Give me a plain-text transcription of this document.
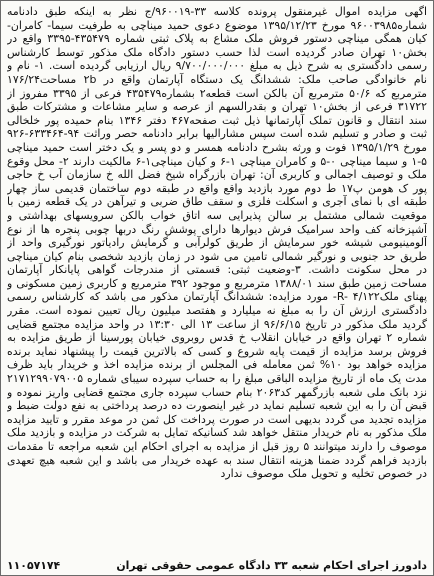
اگهی مزایده اموال غیرمنقول پرونده کلاسه ۳۳-۹۶۰۰۱۹/ج نظر به اینکه طبق دادنامه شماره۹۶۰۰۳۹۸۵ مورخ ۱۳۹۵/۱۲/۲۳ موضوع دعوی حمید میناچی به طرفیت سیما- کامران- کیان همگی میناچی دستور فروش ملک مشاع به پلاک ثبتی شماره ۴۳۵۴۷۹-۳۳۹۵ واقع در بخش۱۰ تهران صادر گردیده است لذا حسب دستور دادگاه ملک مذکور توسط کارشناس رسمی دادگستری به شرح ذیل به مبلغ ۹/۷۰۰/۰۰۰/۰۰۰ ریال ارزیابی گردیده است. ۱- نام و نام خانوادگی صاحب ملک: ششدانگ یک دستگاه آپارتمان واقع در ۲b مساحت۱۷۶/۲۴ مترمربع که ۵۰/۶ مترمربع آن بالکن است قطعه۲ بشماره۴۳۵۴۷۹ فرعی از ۳۳۹۵ مفروز از ۳۱۷۲۲ فرعی از بخش۱۰ تهران و بقدرالسهم از عرصه و سایر مشاعات و مشترکات طبق سند انتقال و قانون تملک آپارتمانها ذیل ثبت صفحه۴۶۷ دفتر ۱۳۴۶ بنام حمیده پور خلخالی ثبت و صادر و تسلیم شده است سپس مشارالیها برابر دادنامه حصر وراثت ۹۴-۶۳۳۴۶۴-۹۲۶ مورخ ۱۳۹۵/۱/۲۹ فوت و ورثه بشرح دادنامه همسر و دو پسر و یک دختر است حمید میناچی ۵-۱ و سیما میناچی ۰-۵ و کامران میناچی ۱-۶ و کیان میناچی۱-۶ مالکیت دارند ۲- محل وقوع ملک و توصیف اجمالی و کاربری آن: تهران بازرگراه شیخ فضل الله خ سازمان آب خ حاجی پور ک هومن پ۱۷ ط دوم مورد بازدید واقع واقع در طبقه دوم ساختمان قدیمی ساز چهار طبقه ای با نمای آجری و اسکلت فلزی و سقف طاق ضربی و تیرآهن در یک قطعه زمین با موقعیت شمالی مشتمل بر سالن پذیرایی سه اتاق خواب بالکن سرویسهای بهداشتی و آشپزخانه کف واحد سرامیک فرش دیوارها دارای پوشش رنگ دربها چوبی پنجره ها از نوع آلومینیومی شیشه خور سرمایش از طریق کولرآبی و گرمایش رادیاتور نورگیری واحد از طریق حد جنوبی و نورگیر شمالی تامین می شود در زمان بازدید شخصی بنام کیان میناچی در محل سکونت داشت. ۳-وضعیت ثبتی: قسمتی از مندرجات گواهی پایانکار آپارتمان مساحت زمین طبق سند ۱۳۸۸/۰۱ مترمربع و موجود ۳۹۲ مترمربع و کاربری زمین مسکونی و پهنای ملک۱۲۲/R- ۴- مورد مزایده: ششدانگ آپارتمان مذکور می باشد که کارشناس رسمی دادگستری ارزش آن را به مبلغ نه میلیارد و هفتصد میلیون ریال تعیین نموده است. مقرر گردید ملک مذکور در تاریخ ۹۶/۶/۱۵ از ساعت ۱۳ الی ۱۳:۳۰ در واحد مزایده مجتمع قضایی شماره ۲ تهران واقع در خیابان انقلاب خ قدس روبروی خیابان پورسینا از طریق مزایده به فروش برسد مزایده از قیمت پایه شروع و کسی که بالاترین قیمت را پیشنهاد نماید برنده مزایده خواهد بود ۱۰% ثمن معامله فی المجلس از برنده مزایده اخذ و خریدار باید ظرف مدت یک ماه از تاریخ مزایده الباقی مبلغ را به حساب سپرده سیبای شماره ۲۱۷۱۲۹۹۰۷۹۰۰۵ نزد بانک ملی شعبه بازرگمهر کد۲۰۶۳ بنام حساب سپرده جاری مجتمع قضایی واریز نموده و قبض آن را به این شعبه تسلیم نماید در غیر اینصورت ده درصد پرداختی به نفع دولت ضبط و مزایده تجدید می گردد بدیهی است در صورت پرداخت کل ثمن در موعد مقرر و تایید مزایده ملک مذکور به نام خریدار منتقل خواهد شد کسانیکه تمایل به شرکت در مزایده و بازدید ملک موصوف را دارند میتوانند ۵ روز قبل از مزایده به اجرای احکام این شعبه مراجعه تا مقدمات بازدید فراهم گردد ضمنا هزینه انتقال سند به عهده خریدار می باشد و این شعبه هیچ تعهدی در خصوص تخلیه و تحویل ملک موصوف ندارد

دادورز اجرای احکام شعبه ۳۳ دادگاه عمومی حقوقی تهران
۱۱۰۵۷۱۷۴
